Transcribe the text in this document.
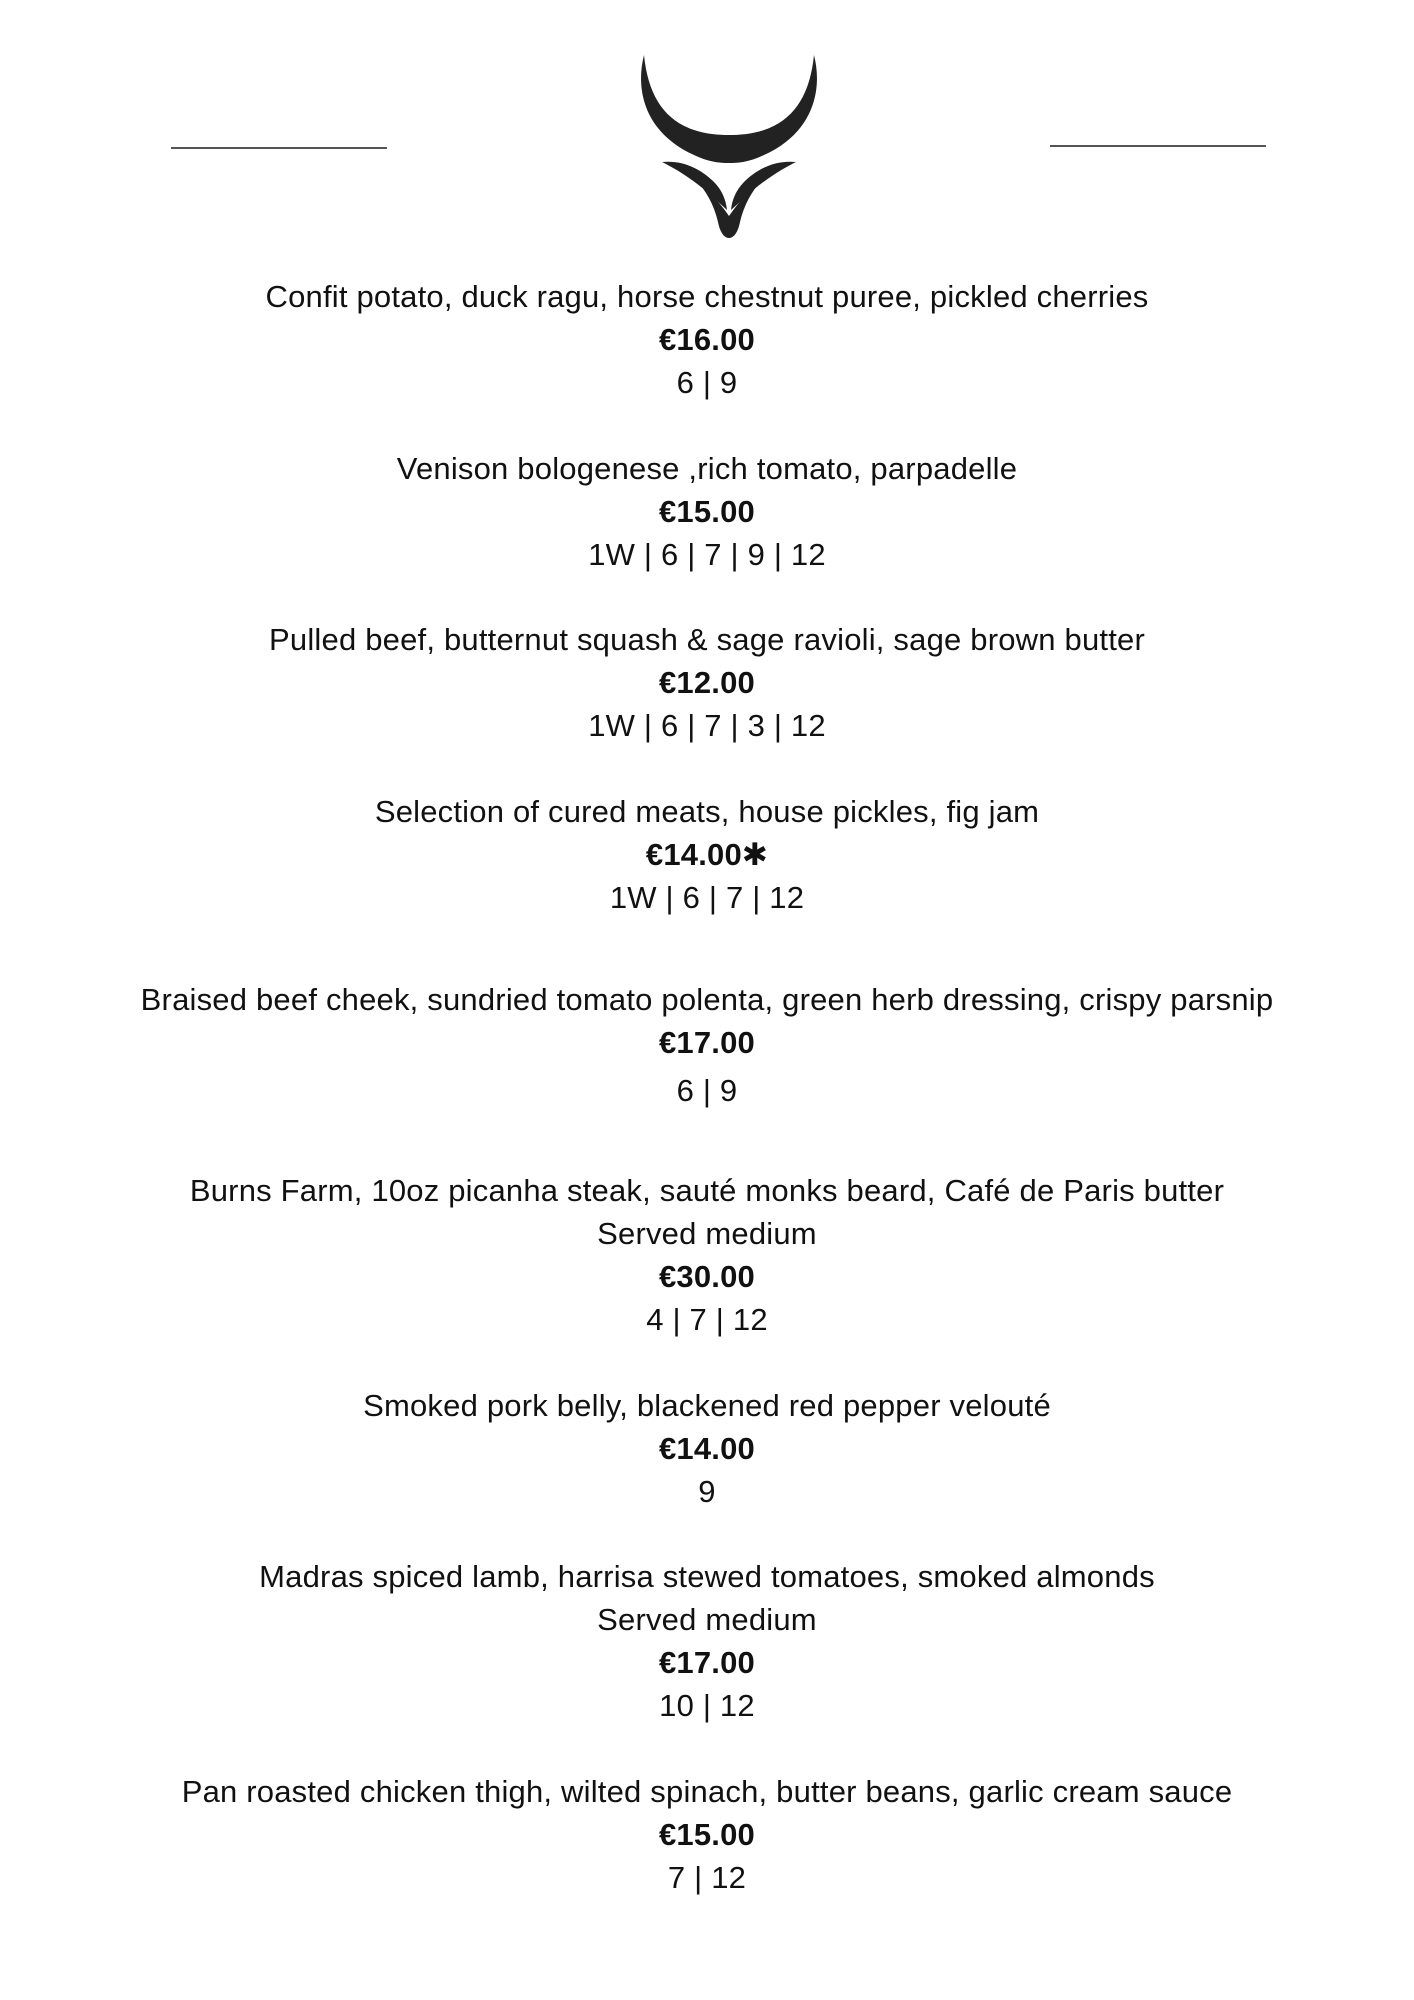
Confit potato, duck ragu, horse chestnut puree, pickled cherries
€16.00
6 | 9
Venison bologenese ,rich tomato, parpadelle
€15.00
1W | 6 | 7 | 9 | 12
Pulled beef, butternut squash & sage ravioli, sage brown butter
€12.00
1W | 6 | 7 | 3 | 12
Selection of cured meats, house pickles, fig jam
€14.00✱
1W | 6 | 7 | 12
Braised beef cheek, sundried tomato polenta, green herb dressing, crispy parsnip
€17.00
6 | 9
Burns Farm, 10oz picanha steak, sauté monks beard, Café de Paris butter
Served medium
€30.00
4 | 7 | 12
Smoked pork belly, blackened red pepper velouté
€14.00
9
Madras spiced lamb, harrisa stewed tomatoes, smoked almonds
Served medium
€17.00
10 | 12
Pan roasted chicken thigh, wilted spinach, butter beans, garlic cream sauce
€15.00
7 | 12
